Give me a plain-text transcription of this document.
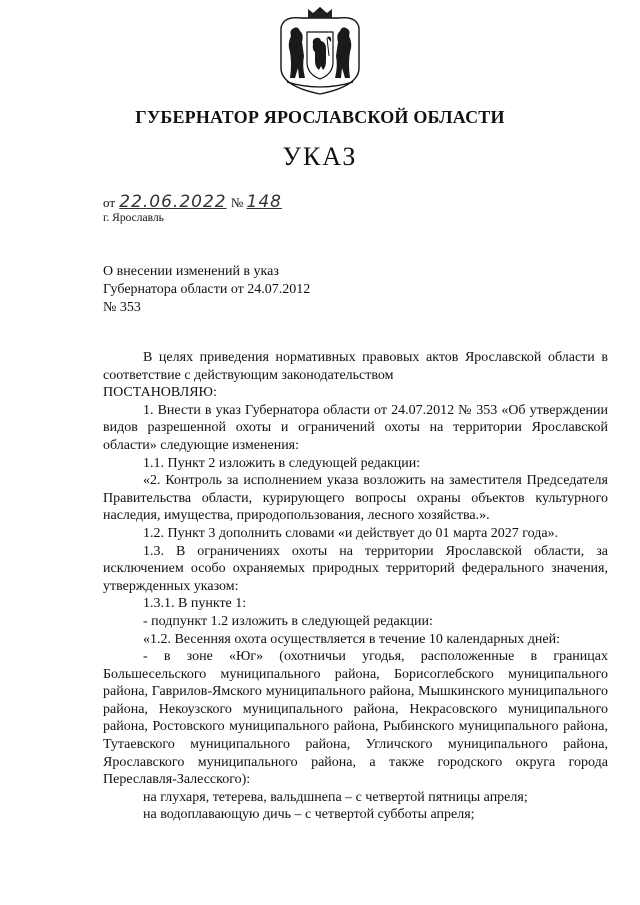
ГУБЕРНАТОР ЯРОСЛАВСКОЙ ОБЛАСТИ
УКАЗ
от 22.06.2022 № 148
г. Ярославль
О внесении изменений в указ
Губернатора области от 24.07.2012
№ 353

В целях приведения нормативных правовых актов Ярославской области в соответствие с действующим законодательством

ПОСТАНОВЛЯЮ:

1. Внести в указ Губернатора области от 24.07.2012 № 353 «Об утверждении видов разрешенной охоты и ограничений охоты на территории Ярославской области» следующие изменения:

1.1. Пункт 2 изложить в следующей редакции:

«2. Контроль за исполнением указа возложить на заместителя Председателя Правительства области, курирующего вопросы охраны объектов культурного наследия, имущества, природопользования, лесного хозяйства.».

1.2. Пункт 3 дополнить словами «и действует до 01 марта 2027 года».

1.3. В ограничениях охоты на территории Ярославской области, за исключением особо охраняемых природных территорий федерального значения, утвержденных указом:

1.3.1. В пункте 1:

- подпункт 1.2 изложить в следующей редакции:

«1.2. Весенняя охота осуществляется в течение 10 календарных дней:

- в зоне «Юг» (охотничьи угодья, расположенные в границах Большесельского муниципального района, Борисоглебского муниципального района, Гаврилов-Ямского муниципального района, Мышкинского муниципального района, Некоузского муниципального района, Некрасовского муниципального района, Ростовского муниципального района, Рыбинского муниципального района, Тутаевского муниципального района, Угличского муниципального района, Ярославского муниципального района, а также городского округа города Переславля-Залесского):

на глухаря, тетерева, вальдшнепа – с четвертой пятницы апреля;

на водоплавающую дичь – с четвертой субботы апреля;
